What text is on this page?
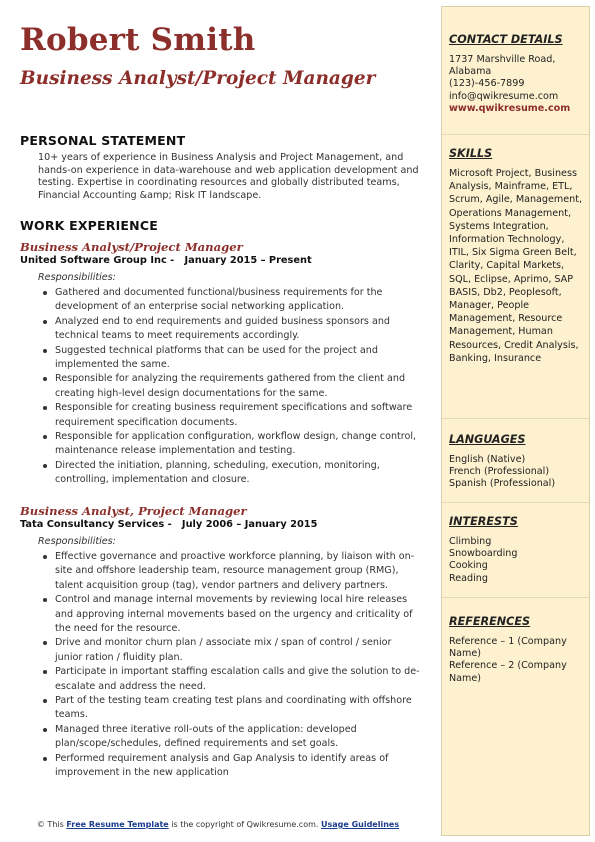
Robert Smith
Business Analyst/Project Manager
PERSONAL STATEMENT
10+ years of experience in Business Analysis and Project Management, and hands-on experience in data-warehouse and web application development and testing. Expertise in coordinating resources and globally distributed teams, Financial Accounting &amp; Risk IT landscape.
WORK EXPERIENCE
Business Analyst/Project Manager
United Software Group Inc -   January 2015 – Present
Responsibilities:
Gathered and documented functional/business requirements for the development of an enterprise social networking application.
Analyzed end to end requirements and guided business sponsors and technical teams to meet requirements accordingly.
Suggested technical platforms that can be used for the project and implemented the same.
Responsible for analyzing the requirements gathered from the client and creating high-level design documentations for the same.
Responsible for creating business requirement specifications and software requirement specification documents.
Responsible for application configuration, workflow design, change control, maintenance release implementation and testing.
Directed the initiation, planning, scheduling, execution, monitoring, controlling, implementation and closure.
Business Analyst, Project Manager
Tata Consultancy Services -   July 2006 – January 2015
Responsibilities:
Effective governance and proactive workforce planning, by liaison with on-site and offshore leadership team, resource management group (RMG), talent acquisition group (tag), vendor partners and delivery partners.
Control and manage internal movements by reviewing local hire releases and approving internal movements based on the urgency and criticality of the need for the resource.
Drive and monitor churn plan / associate mix / span of control / senior junior ration / fluidity plan.
Participate in important staffing escalation calls and give the solution to de-escalate and address the need.
Part of the testing team creating test plans and coordinating with offshore teams.
Managed three iterative roll-outs of the application: developed plan/scope/schedules, defined requirements and set goals.
Performed requirement analysis and Gap Analysis to identify areas of improvement in the new application
© This Free Resume Template is the copyright of Qwikresume.com. Usage Guidelines
CONTACT DETAILS
1737 Marshville Road,
Alabama
(123)-456-7899
info@qwikresume.com
www.qwikresume.com
SKILLS
Microsoft Project, Business Analysis, Mainframe, ETL, Scrum, Agile, Management, Operations Management, Systems Integration, Information Technology, ITIL, Six Sigma Green Belt, Clarity, Capital Markets, SQL, Eclipse, Aprimo, SAP BASIS, Db2, Peoplesoft, Manager, People Management, Resource Management, Human Resources, Credit Analysis, Banking, Insurance
LANGUAGES
English (Native)
French (Professional)
Spanish (Professional)
INTERESTS
Climbing
Snowboarding
Cooking
Reading
REFERENCES
Reference – 1 (Company Name)
Reference – 2 (Company Name)
